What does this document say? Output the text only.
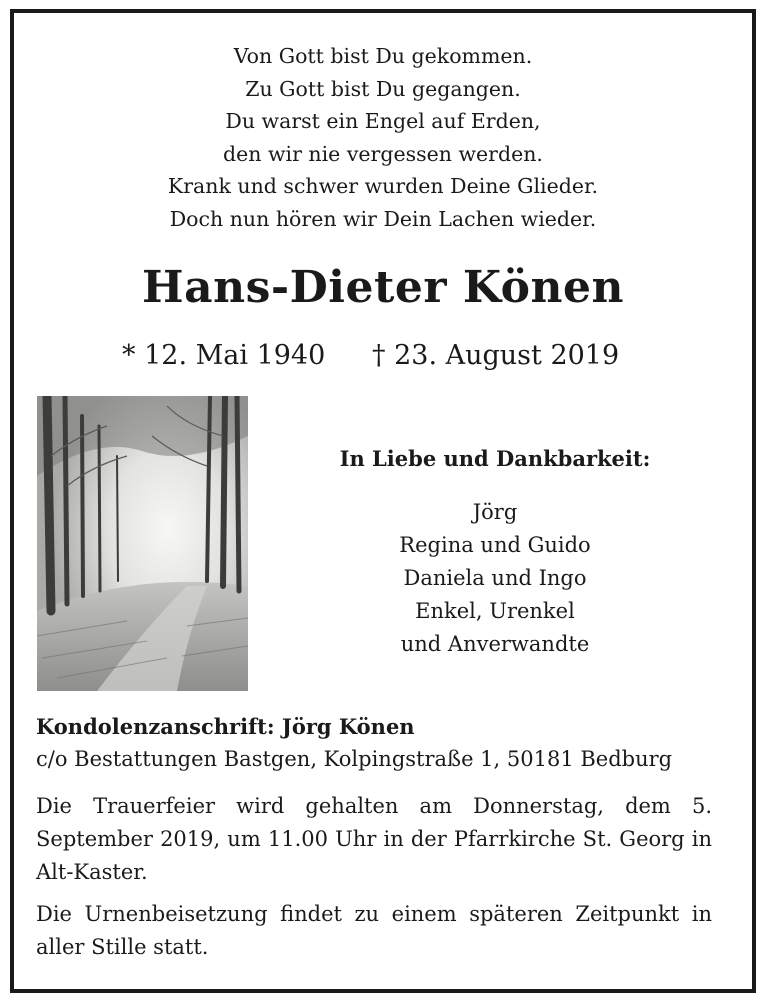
Von Gott bist Du gekommen.
Zu Gott bist Du gegangen.
Du warst ein Engel auf Erden,
den wir nie vergessen werden.
Krank und schwer wurden Deine Glieder.
Doch nun hören wir Dein Lachen wieder.
Hans-Dieter Könen
* 12. Mai 1940 † 23. August 2019
In Liebe und Dankbarkeit:
Jörg
Regina und Guido
Daniela und Ingo
Enkel, Urenkel
und Anverwandte
Kondolenzanschrift: Jörg Könen
c/o Bestattungen Bastgen, Kolpingstraße 1, 50181 Bedburg
Die Trauerfeier wird gehalten am Donnerstag, dem 5. September 2019, um 11.00 Uhr in der Pfarrkirche St. Georg in Alt-Kaster.
Die Urnenbeisetzung findet zu einem späteren Zeitpunkt in aller Stille statt.
